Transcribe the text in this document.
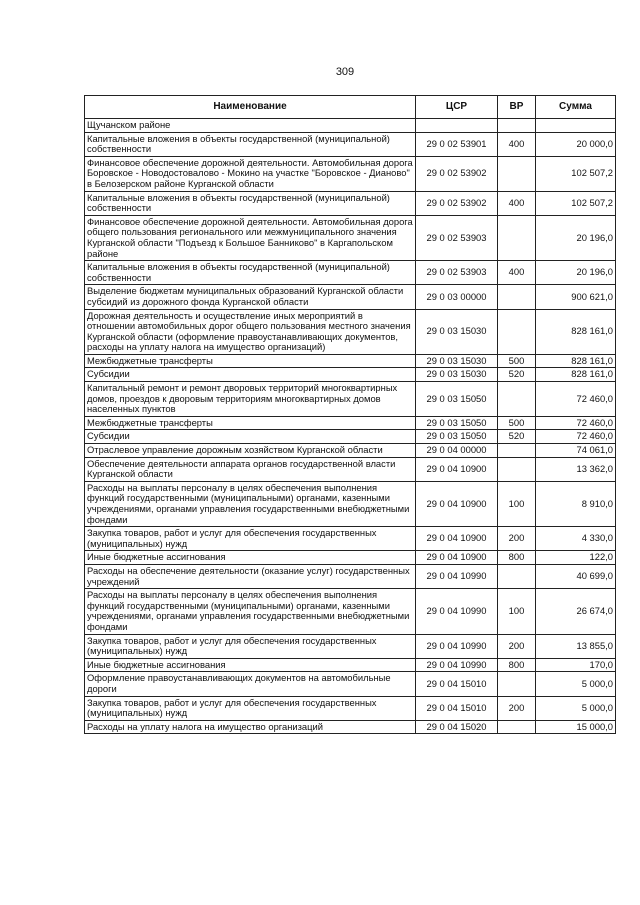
309
Наименование	ЦСР	ВР	Сумма
Щучанском районе			
Капитальные вложения в объекты государственной (муниципальной) собственности	29 0 02 53901	400	20 000,0
Финансовое обеспечение дорожной деятельности. Автомобильная дорога Боровское - Новодостовалово - Мокино на участке "Боровское - Дианово" в Белозерском районе Курганской области	29 0 02 53902		102 507,2
Капитальные вложения в объекты государственной (муниципальной) собственности	29 0 02 53902	400	102 507,2
Финансовое обеспечение дорожной деятельности. Автомобильная дорога общего пользования регионального или межмуниципального значения Курганской области "Подъезд к Большое Банниково" в Каргапольском районе	29 0 02 53903		20 196,0
Капитальные вложения в объекты государственной (муниципальной) собственности	29 0 02 53903	400	20 196,0
Выделение бюджетам муниципальных образований Курганской области субсидий из дорожного фонда Курганской области	29 0 03 00000		900 621,0
Дорожная деятельность и осуществление иных мероприятий в отношении автомобильных дорог общего пользования местного значения Курганской области (оформление правоустанавливающих документов, расходы на уплату налога на имущество организаций)	29 0 03 15030		828 161,0
Межбюджетные трансферты	29 0 03 15030	500	828 161,0
Субсидии	29 0 03 15030	520	828 161,0
Капитальный ремонт и ремонт дворовых территорий многоквартирных домов, проездов к дворовым территориям многоквартирных домов населенных пунктов	29 0 03 15050		72 460,0
Межбюджетные трансферты	29 0 03 15050	500	72 460,0
Субсидии	29 0 03 15050	520	72 460,0
Отраслевое управление дорожным хозяйством Курганской области	29 0 04 00000		74 061,0
Обеспечение деятельности аппарата органов государственной власти Курганской области	29 0 04 10900		13 362,0
Расходы на выплаты персоналу в целях обеспечения выполнения функций государственными (муниципальными) органами, казенными учреждениями, органами управления государственными внебюджетными фондами	29 0 04 10900	100	8 910,0
Закупка товаров, работ и услуг для обеспечения государственных (муниципальных) нужд	29 0 04 10900	200	4 330,0
Иные бюджетные ассигнования	29 0 04 10900	800	122,0
Расходы на обеспечение деятельности (оказание услуг) государственных учреждений	29 0 04 10990		40 699,0
Расходы на выплаты персоналу в целях обеспечения выполнения функций государственными (муниципальными) органами, казенными учреждениями, органами управления государственными внебюджетными фондами	29 0 04 10990	100	26 674,0
Закупка товаров, работ и услуг для обеспечения государственных (муниципальных) нужд	29 0 04 10990	200	13 855,0
Иные бюджетные ассигнования	29 0 04 10990	800	170,0
Оформление правоустанавливающих документов на автомобильные дороги	29 0 04 15010		5 000,0
Закупка товаров, работ и услуг для обеспечения государственных (муниципальных) нужд	29 0 04 15010	200	5 000,0
Расходы на уплату налога на имущество организаций	29 0 04 15020		15 000,0
